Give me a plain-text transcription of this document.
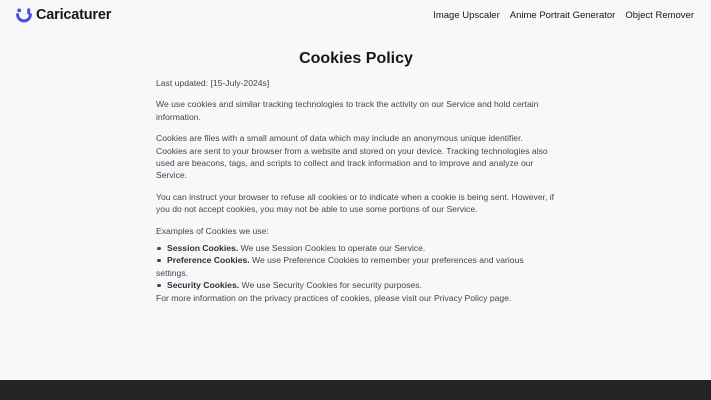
Caricaturer	Image Upscaler Anime Portrait Generator Object Remover
Cookies Policy

Last updated: [15-July-2024s]

We use cookies and similar tracking technologies to track the activity on our Service and hold certain information.

Cookies are files with a small amount of data which may include an anonymous unique identifier. Cookies are sent to your browser from a website and stored on your device. Tracking technologies also used are beacons, tags, and scripts to collect and track information and to improve and analyze our Service.

You can instruct your browser to refuse all cookies or to indicate when a cookie is being sent. However, if you do not accept cookies, you may not be able to use some portions of our Service.

Examples of Cookies we use:

Session Cookies. We use Session Cookies to operate our Service.
Preference Cookies. We use Preference Cookies to remember your preferences and various
settings.
Security Cookies. We use Security Cookies for security purposes.

For more information on the privacy practices of cookies, please visit our Privacy Policy page.
